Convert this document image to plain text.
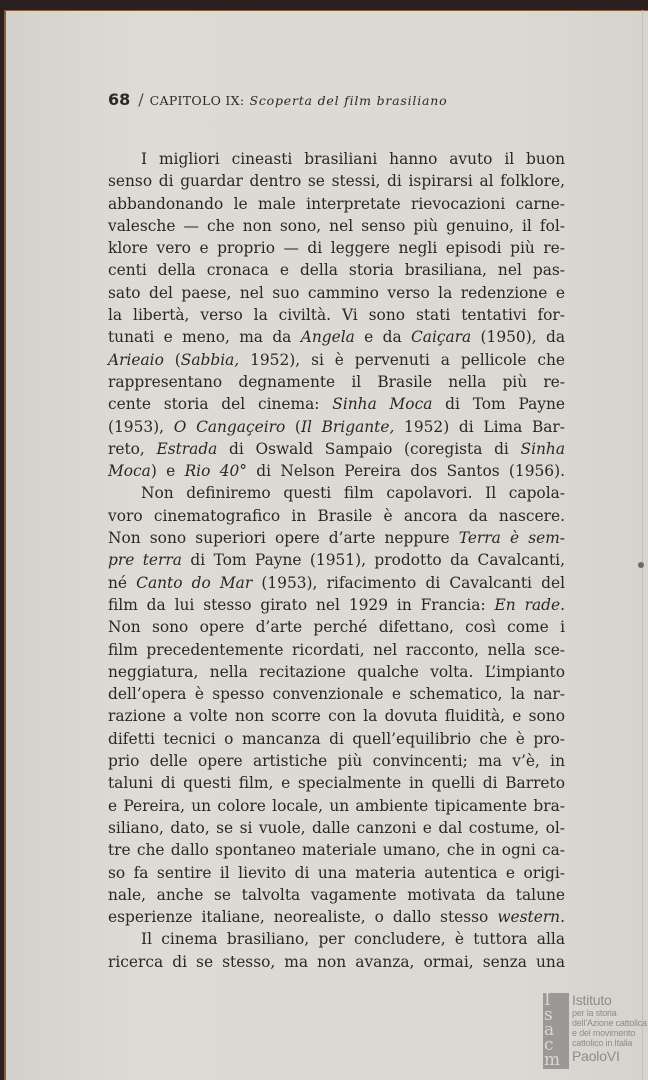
68 / CAPITOLO IX: Scoperta del film brasiliano
I migliori cineasti brasiliani hanno avuto il buon
senso di guardar dentro se stessi, di ispirarsi al folklore,
abbandonando le male interpretate rievocazioni carne-
valesche — che non sono, nel senso più genuino, il fol-
klore vero e proprio — di leggere negli episodi più re-
centi della cronaca e della storia brasiliana, nel pas-
sato del paese, nel suo cammino verso la redenzione e
la libertà, verso la civiltà. Vi sono stati tentativi for-
tunati e meno, ma da Angela e da Caiçara (1950), da
Arieaio (Sabbia, 1952), si è pervenuti a pellicole che
rappresentano degnamente il Brasile nella più re-
cente storia del cinema: Sinha Moca di Tom Payne
(1953), O Cangaçeiro (Il Brigante, 1952) di Lima Bar-
reto, Estrada di Oswald Sampaio (coregista di Sinha
Moca) e Rio 40° di Nelson Pereira dos Santos (1956).
Non definiremo questi film capolavori. Il capola-
voro cinematografico in Brasile è ancora da nascere.
Non sono superiori opere d’arte neppure Terra è sem-
pre terra di Tom Payne (1951), prodotto da Cavalcanti,
né Canto do Mar (1953), rifacimento di Cavalcanti del
film da lui stesso girato nel 1929 in Francia: En rade.
Non sono opere d’arte perché difettano, così come i
film precedentemente ricordati, nel racconto, nella sce-
neggiatura, nella recitazione qualche volta. L’impianto
dell’opera è spesso convenzionale e schematico, la nar-
razione a volte non scorre con la dovuta fluidità, e sono
difetti tecnici o mancanza di quell’equilibrio che è pro-
prio delle opere artistiche più convincenti; ma v’è, in
taluni di questi film, e specialmente in quelli di Barreto
e Pereira, un colore locale, un ambiente tipicamente bra-
siliano, dato, se si vuole, dalle canzoni e dal costume, ol-
tre che dallo spontaneo materiale umano, che in ogni ca-
so fa sentire il lievito di una materia autentica e origi-
nale, anche se talvolta vagamente motivata da talune
esperienze italiane, neorealiste, o dallo stesso western.
Il cinema brasiliano, per concludere, è tuttora alla
ricerca di se stesso, ma non avanza, ormai, senza una
I
s
a
c
m
Istituto
per la storia
dell’Azione cattolica
e del movimento
cattolico in Italia
PaoloVI
